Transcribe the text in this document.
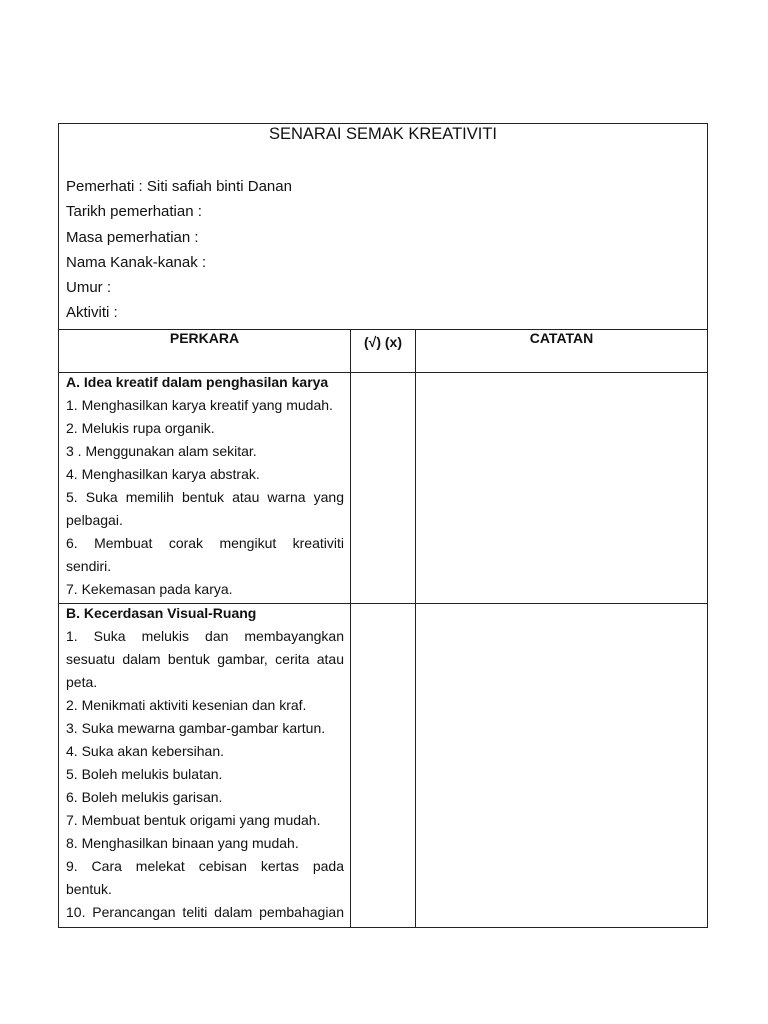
SENARAI SEMAK KREATIVITI
Pemerhati : Siti safiah binti Danan
Tarikh pemerhatian :
Masa pemerhatian :
Nama Kanak-kanak :
Umur :
Aktiviti :
PERKARA	(√) (x)	CATATAN
A. Idea kreatif dalam penghasilan karya
1. Menghasilkan karya kreatif yang mudah.
2. Melukis rupa organik.
3 . Menggunakan alam sekitar.
4. Menghasilkan karya abstrak.
5. Suka memilih bentuk atau warna yang
pelbagai.
6. Membuat corak mengikut kreativiti
sendiri.
7. Kekemasan pada karya.
B. Kecerdasan Visual-Ruang
1. Suka melukis dan membayangkan
sesuatu dalam bentuk gambar, cerita atau
peta.
2. Menikmati aktiviti kesenian dan kraf.
3. Suka mewarna gambar-gambar kartun.
4. Suka akan kebersihan.
5. Boleh melukis bulatan.
6. Boleh melukis garisan.
7. Membuat bentuk origami yang mudah.
8. Menghasilkan binaan yang mudah.
9. Cara melekat cebisan kertas pada
bentuk.
10. Perancangan teliti dalam pembahagian
